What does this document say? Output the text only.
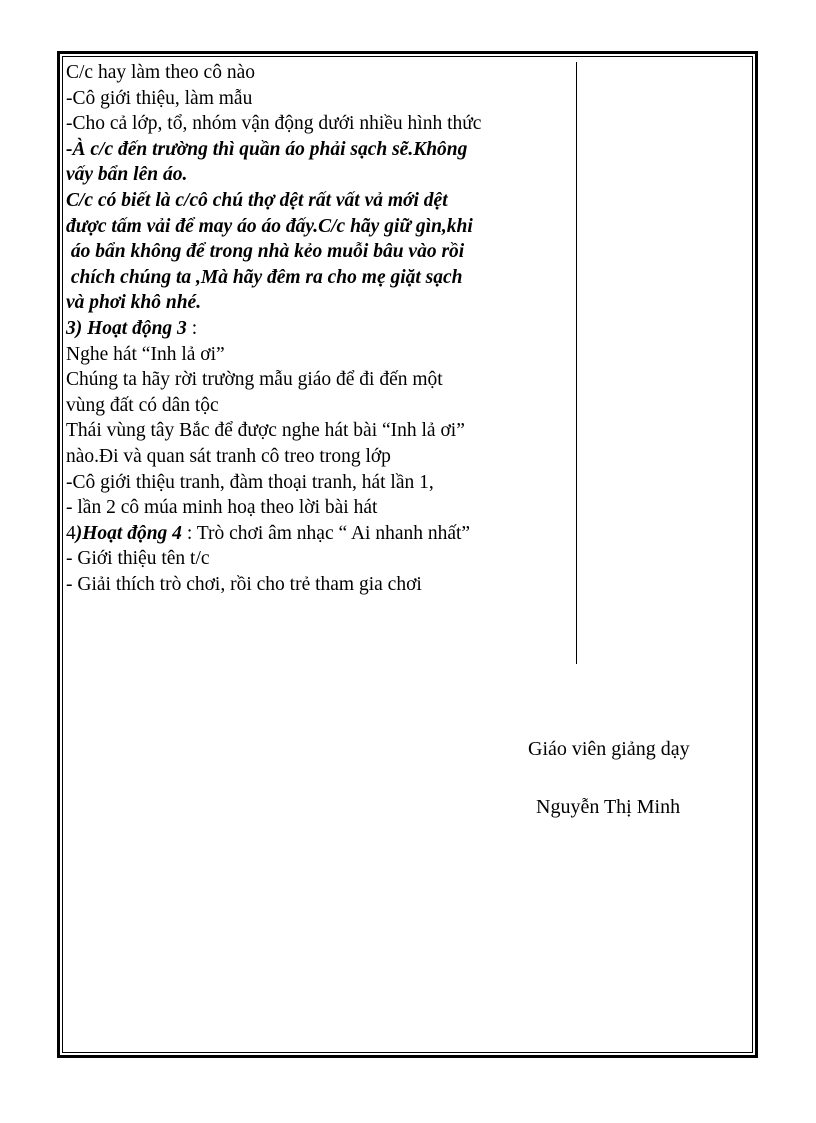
C/c hay làm theo cô nào
-Cô giới thiệu, làm mẫu
-Cho cả lớp, tổ, nhóm vận động dưới nhiều hình thức
-À c/c đến trường thì quần áo phải sạch sẽ.Không
vấy bẩn lên áo.
C/c có biết là c/cô chú thợ dệt rất vất vả mới dệt
được tấm vải để may áo áo đấy.C/c hãy giữ gìn,khi
áo bẩn không để trong nhà kẻo muỗi bâu vào rồi
chích chúng ta ,Mà hãy đêm ra cho mẹ giặt sạch
và phơi khô nhé.
3) Hoạt động 3 :
Nghe hát “Inh lả ơi”
Chúng ta hãy rời trường mẫu giáo để đi đến một
vùng đất có dân tộc
Thái vùng tây Bắc để được nghe hát bài “Inh lả ơi”
nào.Đi và quan sát tranh cô treo trong lớp
-Cô giới thiệu tranh, đàm thoại tranh, hát lần 1,
- lần 2 cô múa minh hoạ theo lời bài hát
4)Hoạt động 4 : Trò chơi âm nhạc “ Ai nhanh nhất”
- Giới thiệu tên t/c
- Giải thích trò chơi, rồi cho trẻ tham gia chơi
Giáo viên giảng dạy
Nguyễn Thị Minh
